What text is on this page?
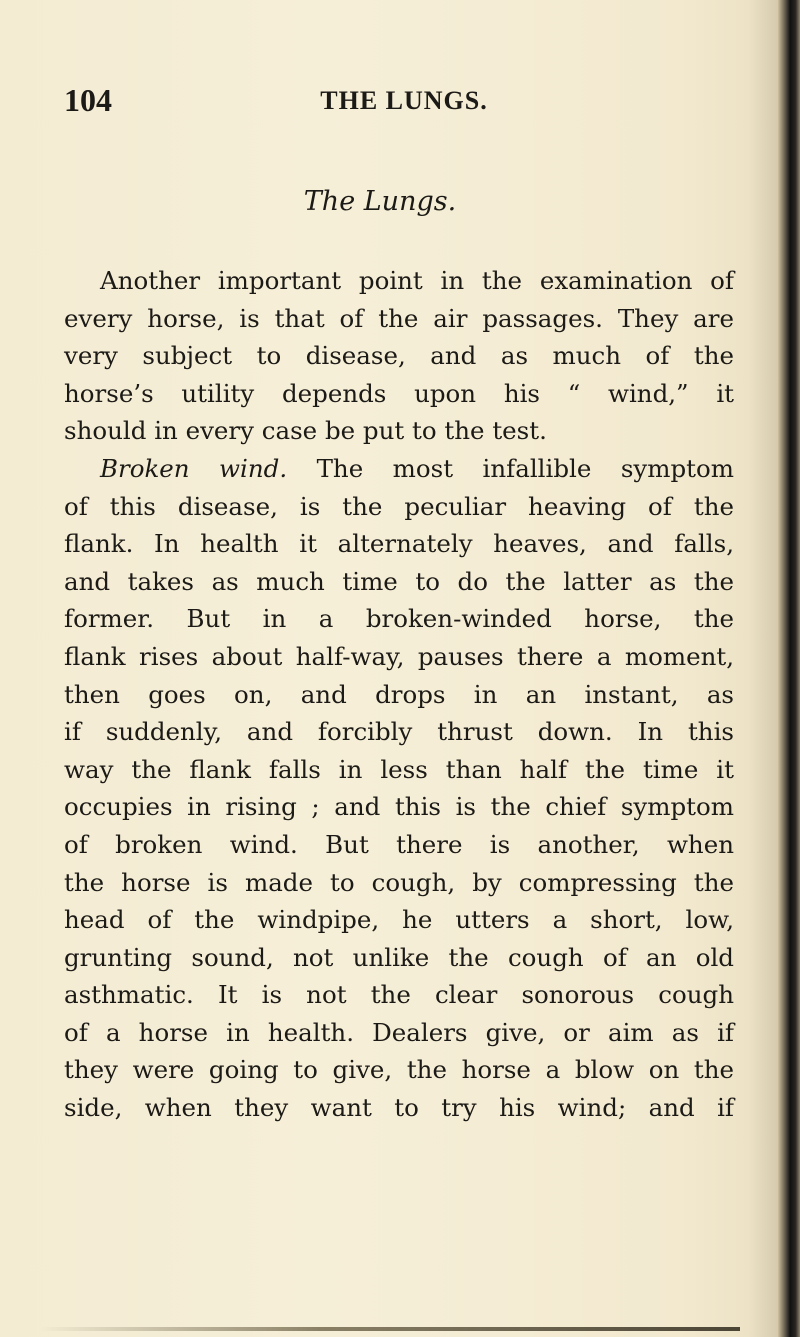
104	THE LUNGS.
The Lungs.
Another important point in the examination of
every horse, is that of the air passages. They are
very subject to disease, and as much of the
horse’s utility depends upon his “ wind,” it
should in every case be put to the test.
Broken wind. The most infallible symptom
of this disease, is the peculiar heaving of the
flank. In health it alternately heaves, and falls,
and takes as much time to do the latter as the
former. But in a broken-winded horse, the
flank rises about half-way, pauses there a moment,
then goes on, and drops in an instant, as
if suddenly, and forcibly thrust down. In this
way the flank falls in less than half the time it
occupies in rising ; and this is the chief symptom
of broken wind. But there is another, when
the horse is made to cough, by compressing the
head of the windpipe, he utters a short, low,
grunting sound, not unlike the cough of an old
asthmatic. It is not the clear sonorous cough
of a horse in health. Dealers give, or aim as if
they were going to give, the horse a blow on the
side, when they want to try his wind; and if
